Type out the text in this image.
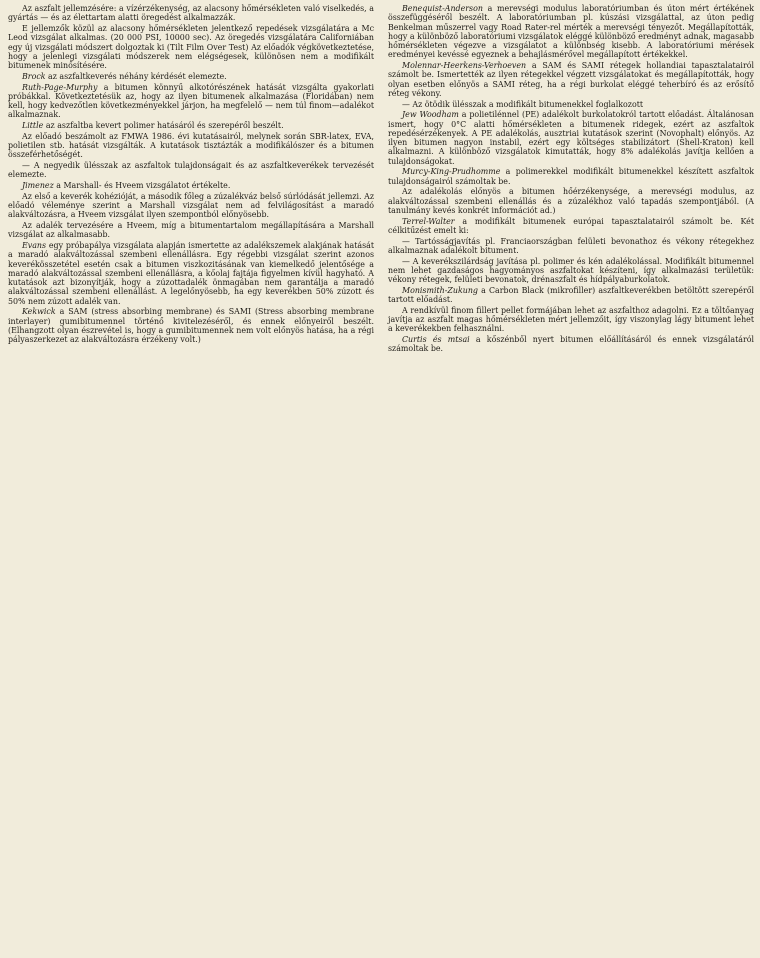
Az aszfalt jellemzésére: a vízérzékenység, az alacsony hőmérsékleten való viselkedés, a gyártás — és az élettartam alatti öregedést alkalmazzák.

E jellemzők közül az alacsony hőmérsékleten jelentkező repedések vizsgálatára a Mc Leod vizsgálat alkalmas. (20 000 PSI, 10000 sec). Az öregedés vizsgálatára Californiában egy új vizsgálati módszert dolgoztak ki (Tilt Film Over Test) Az előadók végkövetkeztetése, hogy a jelenlegi vizsgálati módszerek nem elégségesek, különösen nem a modifikált bitumenek minősítésére.

Brock az aszfaltkeverés néhány kérdését elemezte.

Ruth-Page-Murphy a bitumen könnyű alkotórészének hatását vizsgálta gyakorlati próbákkal. Következtetésük az, hogy az ilyen bitumenek alkalmazása (Floridában) nem kell, hogy kedvezőtlen következményekkel járjon, ha megfelelő — nem túl finom—adalékot alkalmaznak.

Little az aszfaltba kevert polimer hatásáról és szerepéről beszélt.

Az előadó beszámolt az FMWA 1986. évi kutatásairól, melynek során SBR-latex, EVA, polietilen stb. hatását vizsgálták. A kutatások tisztázták a modifikálószer és a bitumen összeférhetőségét.

— A negyedik ülésszak az aszfaltok tulajdonságait és az aszfaltkeverékek tervezését elemezte.

Jimenez a Marshall- és Hveem vizsgálatot értékelte.

Az első a keverék kohézióját, a második főleg a zúzalékváz belső súrlódását jellemzi. Az előadó véleménye szerint a Marshall vizsgálat nem ad felvilágosítást a maradó alakváltozásra, a Hveem vizsgálat ilyen szempontból előnyösebb.

Az adalék tervezésére a Hveem, míg a bitumentartalom megállapítására a Marshall vizsgálat az alkalmasabb.

Evans egy próbapálya vizsgálata alapján ismertette az adalékszemek alakjának hatását a maradó alakváltozással szembeni ellenállásra. Egy régebbi vizsgálat szerint azonos keverékösszetétel esetén csak a bitumen viszkozitásának van kiemelkedő jelentősége a maradó alakváltozással szembeni ellenállásra, a kőolaj fajtája figyelmen kívül hagyható. A kutatások azt bizonyítják, hogy a zúzottadalék önmagában nem garantálja a maradó alakváltozással szembeni ellenállást. A legelőnyösebb, ha egy keverékben 50% zúzott és 50% nem zúzott adalék van.

Kekwick a SAM (stress absorbing membrane) és SAMI (Stress absorbing membrane interlayer) gumibitumennel történő kivitelezéséről, és ennek előnyeiről beszélt. (Elhangzott olyan észrevétel is, hogy a gumibitumennek nem volt előnyös hatása, ha a régi pályaszerkezet az alakváltozásra érzékeny volt.)

Benequist-Anderson a merevségi modulus laboratóriumban és úton mért értékének összefüggéséről beszélt. A laboratóriumban pl. kúszási vizsgálattal, az úton pedig Benkelman műszerrel vagy Road Rater-rel mérték a merevségi tényezőt. Megállapították, hogy a különböző laboratóriumi vizsgálatok eléggé különböző eredményt adnak, magasabb hőmérsékleten végezve a vizsgálatot a különbség kisebb. A laboratóriumi mérések eredményei kevéssé egyeznek a behajlásmérővel megállapított értékekkel.

Molennar-Heerkens-Verhoeven a SAM és SAMI rétegek hollandiai tapasztalatairól számolt be. Ismertették az ilyen rétegekkel végzett vizsgálatokat és megállapították, hogy olyan esetben előnyös a SAMI réteg, ha a régi burkolat eléggé teherbíró és az erősítő réteg vékony.

— Az ötödik ülésszak a modifikált bitumenekkel foglalkozott

Jew Woodham a polietilénnel (PE) adalékolt burkolatokról tartott előadást. Általánosan ismert, hogy 0°C alatti hőmérsékleten a bitumenek ridegek, ezért az aszfaltok repedésérzékenyek. A PE adalékolás, ausztriai kutatások szerint (Novophalt) előnyös. Az ilyen bitumen nagyon instabil, ezért egy költséges stabilizátort (Shell-Kraton) kell alkalmazni. A különböző vizsgálatok kimutatták, hogy 8% adalékolás javítja kellően a tulajdonságokat.

Murcy-King-Prudhomme a polimerekkel modifikált bitumenekkel készített aszfaltok tulajdonságairól számoltak be.

Az adalékolás előnyös a bitumen hőérzékenysége, a merevségi modulus, az alakváltozással szembeni ellenállás és a zúzalékhoz való tapadás szempontjából. (A tanulmány kevés konkrét információt ad.)

Terrel-Walter a modifikált bitumenek európai tapasztalatairól számolt be. Két célkitűzést emelt ki:

— Tartósságjavítás pl. Franciaországban felületi bevonathoz és vékony rétegekhez alkalmaznak adalékolt bitument.

— A keverékszilárdság javítása pl. polimer és kén adalékolással. Modifikált bitumennel nem lehet gazdaságos hagyományos aszfaltokat készíteni, így alkalmazási területük: vékony rétegek, felületi bevonatok, drénaszfalt és hídpályaburkolatok.

Monismith-Zukung a Carbon Black (mikrofiller) aszfaltkeverékben betöltött szerepéről tartott előadást.

A rendkívül finom fillert pellet formájában lehet az aszfalthoz adagolni. Ez a töltőanyag javítja az aszfalt magas hőmérsékleten mért jellemzőit, így viszonylag lágy bitument lehet a keverékekben felhasználni.

Curtis és mtsai a kőszénből nyert bitumen előállításáról és ennek vizsgálatáról számoltak be.
